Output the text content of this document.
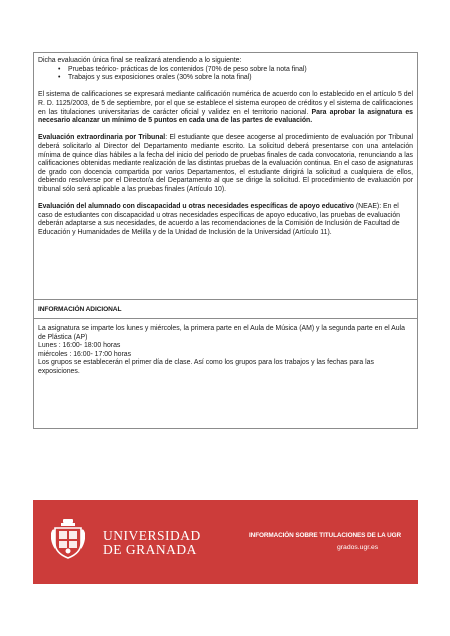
Dicha evaluación única final se realizará atendiendo a lo siguiente:
• Pruebas teórico- prácticas de los contenidos (70% de peso sobre la nota final)
• Trabajos y sus exposiciones orales (30% sobre la nota final)

El sistema de calificaciones se expresará mediante calificación numérica de acuerdo con lo establecido en el artículo 5 del R. D. 1125/2003, de 5 de septiembre, por el que se establece el sistema europeo de créditos y el sistema de calificaciones en las titulaciones universitarias de carácter oficial y validez en el territorio nacional. Para aprobar la asignatura es necesario alcanzar un mínimo de 5 puntos en cada una de las partes de evaluación.

Evaluación extraordinaria por Tribunal: El estudiante que desee acogerse al procedimiento de evaluación por Tribunal deberá solicitarlo al Director del Departamento mediante escrito. La solicitud deberá presentarse con una antelación mínima de quince días hábiles a la fecha del inicio del periodo de pruebas finales de cada convocatoria, renunciando a las calificaciones obtenidas mediante realización de las distintas pruebas de la evaluación continua. En el caso de asignaturas de grado con docencia compartida por varios Departamentos, el estudiante dirigirá la solicitud a cualquiera de ellos, debiendo resolverse por el Director/a del Departamento al que se dirige la solicitud. El procedimiento de evaluación por tribunal sólo será aplicable a las pruebas finales (Artículo 10).

Evaluación del alumnado con discapacidad u otras necesidades específicas de apoyo educativo (NEAE): En el caso de estudiantes con discapacidad u otras necesidades específicas de apoyo educativo, las pruebas de evaluación deberán adaptarse a sus necesidades, de acuerdo a las recomendaciones de la Comisión de Inclusión de Facultad de Educación y Humanidades de Melilla y de la Unidad de Inclusión de la Universidad (Artículo 11).

INFORMACIÓN ADICIONAL
La asignatura se imparte los lunes y miércoles, la primera parte en el Aula de Música (AM) y la segunda parte en el Aula de Plástica (AP)
Lunes : 16:00- 18:00 horas
miércoles : 16:00- 17:00 horas
Los grupos se establecerán el primer día de clase. Así como los grupos para los trabajos y las fechas para las exposiciones.
UNIVERSIDAD
DE GRANADA
INFORMACIÓN SOBRE TITULACIONES DE LA UGR
grados.ugr.es
